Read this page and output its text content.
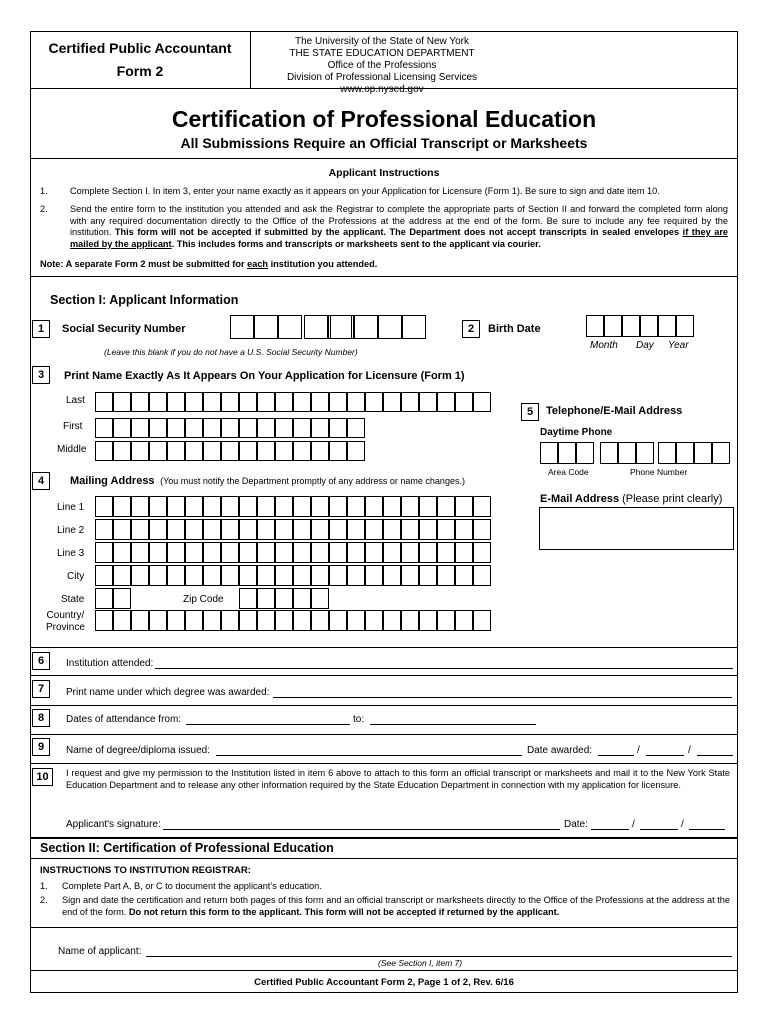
Certified Public Accountant
Form 2
The University of the State of New York
THE STATE EDUCATION DEPARTMENT
Office of the Professions
Division of Professional Licensing Services
www.op.nysed.gov
Certification of Professional Education
All Submissions Require an Official Transcript or Marksheets
Applicant Instructions
1. Complete Section I. In item 3, enter your name exactly as it appears on your Application for Licensure (Form 1). Be sure to sign and date item 10.
2. Send the entire form to the institution you attended and ask the Registrar to complete the appropriate parts of Section II and forward the completed form along with any required documentation directly to the Office of the Professions at the address at the end of the form. Be sure to include any fee required by the institution. This form will not be accepted if submitted by the applicant. The Department does not accept transcripts in sealed envelopes if they are mailed by the applicant. This includes forms and transcripts or marksheets sent to the applicant via courier.
Note: A separate Form 2 must be submitted for each institution you attended.
Section I: Applicant Information
1	Social Security Number
(Leave this blank if you do not have a U.S. Social Security Number)
2	Birth Date
Month Day Year
3	Print Name Exactly As It Appears On Your Application for Licensure (Form 1)
Last
First
Middle
5	Telephone/E-Mail Address
Daytime Phone
Area Code	Phone Number
E-Mail Address (Please print clearly)
4	Mailing Address (You must notify the Department promptly of any address or name changes.)
Line 1
Line 2
Line 3
City
State	Zip Code
Country/
Province
6	Institution attended:
7	Print name under which degree was awarded:
8	Dates of attendance from:	to:
9	Name of degree/diploma issued:	Date awarded:	/	/
10	I request and give my permission to the Institution listed in item 6 above to attach to this form an official transcript or marksheets and mail it to the New York State Education Department and to release any other information required by the State Education Department in connection with my application for licensure.
Applicant's signature:	Date:	/	/
Section II: Certification of Professional Education
INSTRUCTIONS TO INSTITUTION REGISTRAR:
1. Complete Part A, B, or C to document the applicant’s education.
2. Sign and date the certification and return both pages of this form and an official transcript or marksheets directly to the Office of the Professions at the address at the end of the form. Do not return this form to the applicant. This form will not be accepted if returned by the applicant.
Name of applicant:
(See Section I, item 7)
Certified Public Accountant Form 2, Page 1 of 2, Rev. 6/16
